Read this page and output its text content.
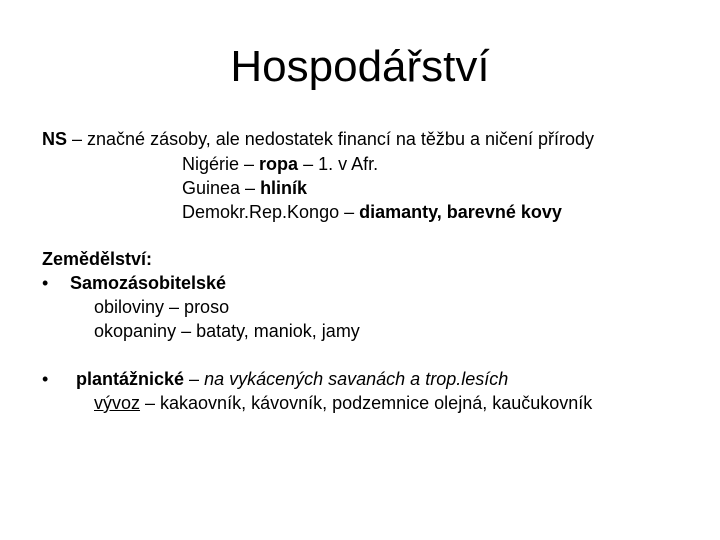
Hospodářství
NS – značné zásoby, ale nedostatek financí na těžbu a ničení přírody
Nigérie – ropa – 1. v Afr.
Guinea – hliník
Demokr.Rep.Kongo – diamanty, barevné kovy
Zemědělství:
• Samozásobitelské
obiloviny – proso
okopaniny – bataty, maniok, jamy
• plantážnické – na vykácených savanách a trop.lesích
vývoz – kakaovník, kávovník, podzemnice olejná, kaučukovník
